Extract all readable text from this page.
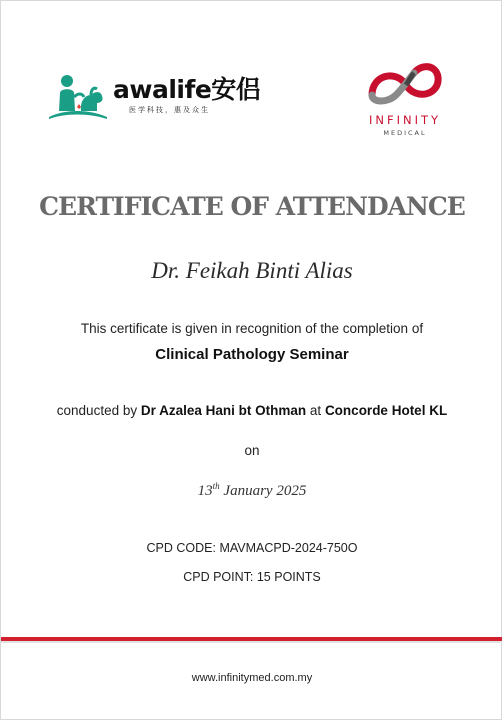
awalife安侣
医学科技，惠及众生
INFINITY
MEDICAL
CERTIFICATE OF ATTENDANCE
Dr. Feikah Binti Alias
This certificate is given in recognition of the completion of
Clinical Pathology Seminar
conducted by Dr Azalea Hani bt Othman at Concorde Hotel KL
on
13th January 2025
CPD CODE: MAVMACPD-2024-750O
CPD POINT: 15 POINTS
www.infinitymed.com.my
